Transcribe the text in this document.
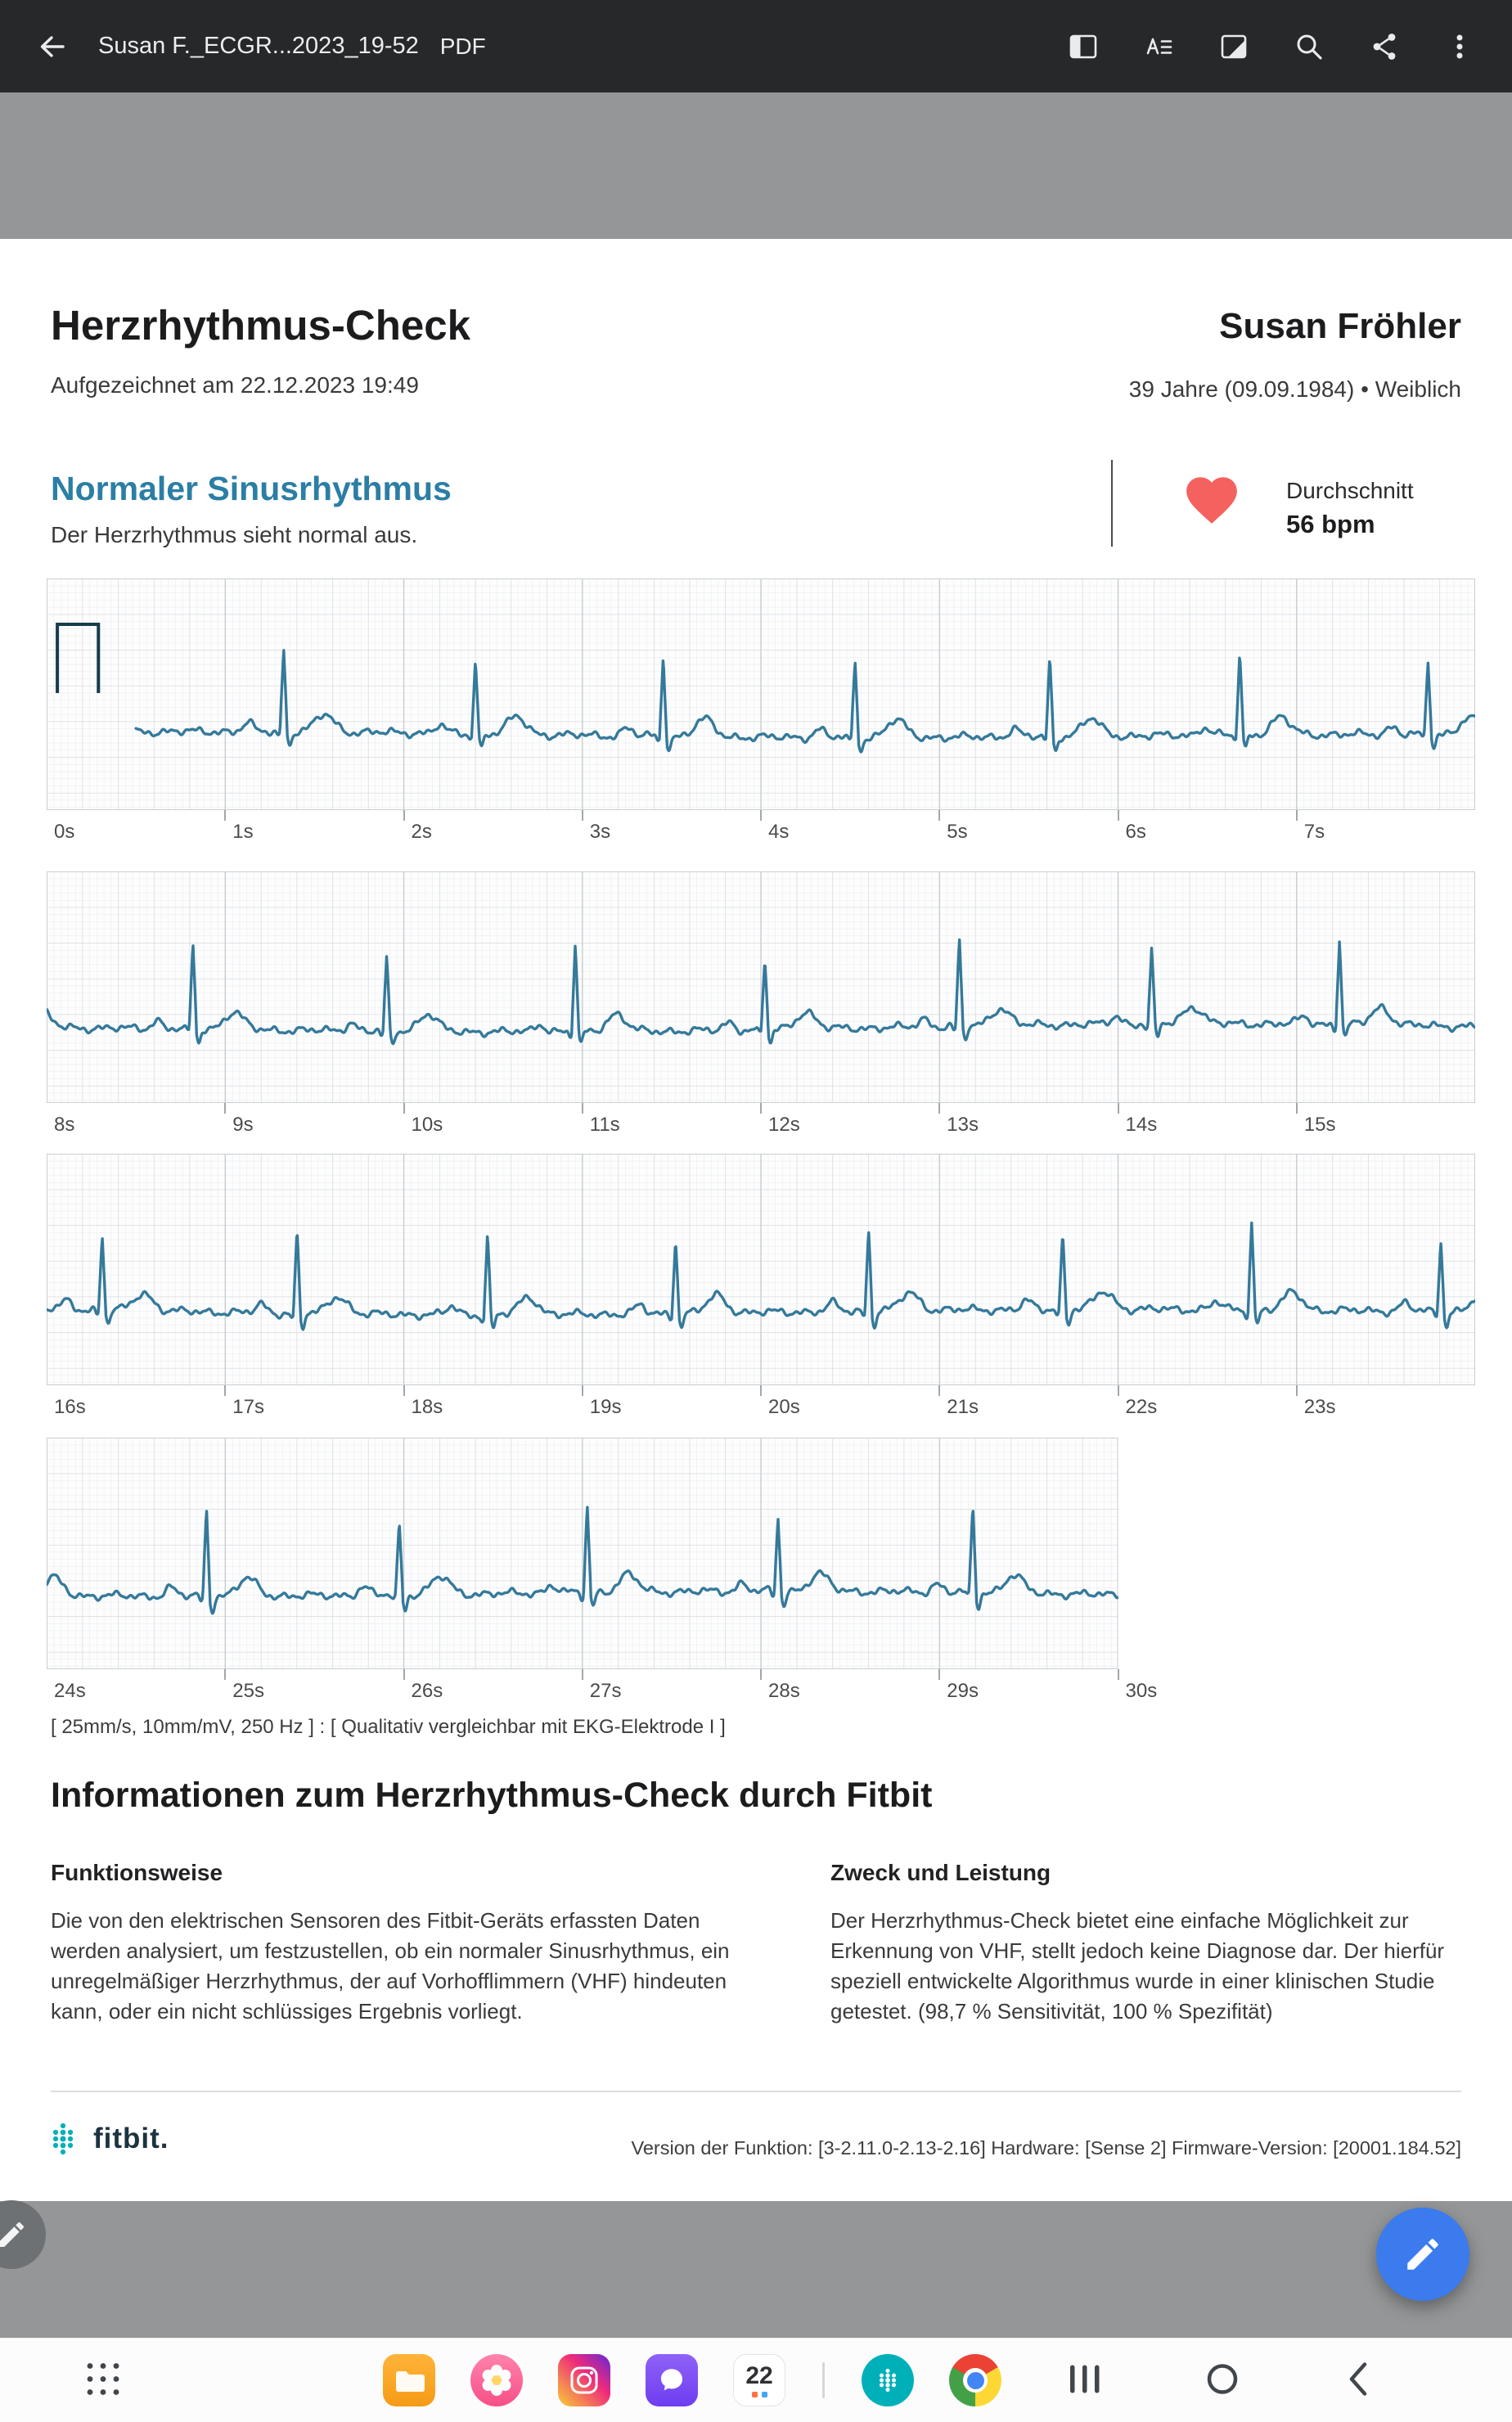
Susan F._ECGR...2023_19-52 PDF
Herzrhythmus-Check
Aufgezeichnet am 22.12.2023 19:49
Susan Fröhler
39 Jahre (09.09.1984) • Weiblich
Normaler Sinusrhythmus
Der Herzrhythmus sieht normal aus.
Durchschnitt
56 bpm
0s	1s	2s	3s	4s	5s	6s	7s
8s	9s	10s	11s	12s	13s	14s	15s
16s	17s	18s	19s	20s	21s	22s	23s
24s	25s	26s	27s	28s	29s	30s
[ 25mm/s, 10mm/mV, 250 Hz ] : [ Qualitativ vergleichbar mit EKG-Elektrode I ]
Informationen zum Herzrhythmus-Check durch Fitbit
Funktionsweise
Die von den elektrischen Sensoren des Fitbit-Geräts erfassten Daten werden analysiert, um festzustellen, ob ein normaler Sinusrhythmus, ein unregelmäßiger Herzrhythmus, der auf Vorhofflimmern (VHF) hindeuten kann, oder ein nicht schlüssiges Ergebnis vorliegt.
Zweck und Leistung
Der Herzrhythmus-Check bietet eine einfache Möglichkeit zur Erkennung von VHF, stellt jedoch keine Diagnose dar. Der hierfür speziell entwickelte Algorithmus wurde in einer klinischen Studie getestet. (98,7 % Sensitivität, 100 % Spezifität)
fitbit.	Version der Funktion: [3-2.11.0-2.13-2.16] Hardware: [Sense 2] Firmware-Version: [20001.184.52]
22
